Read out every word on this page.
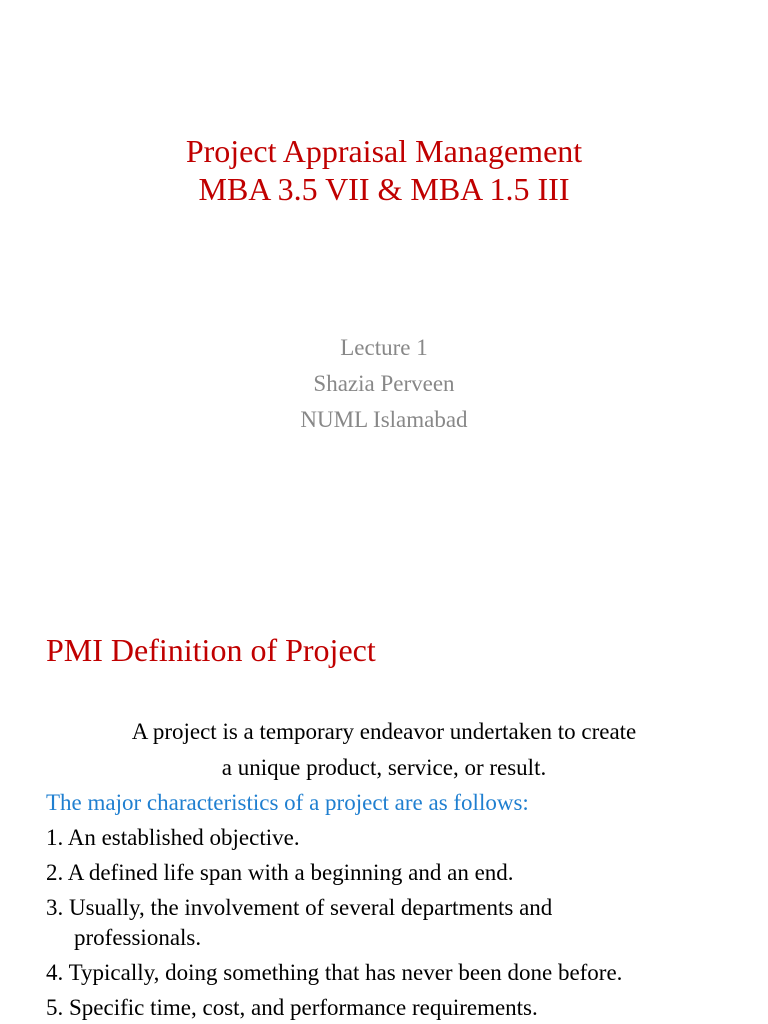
Project Appraisal Management
MBA 3.5 VII & MBA 1.5 III
Lecture 1
Shazia Perveen
NUML Islamabad
PMI Definition of Project
A project is a temporary endeavor undertaken to create
a unique product, service, or result.
The major characteristics of a project are as follows:
1. An established objective.
2. A defined life span with a beginning and an end.
3. Usually, the involvement of several departments and
professionals.
4. Typically, doing something that has never been done before.
5. Specific time, cost, and performance requirements.
